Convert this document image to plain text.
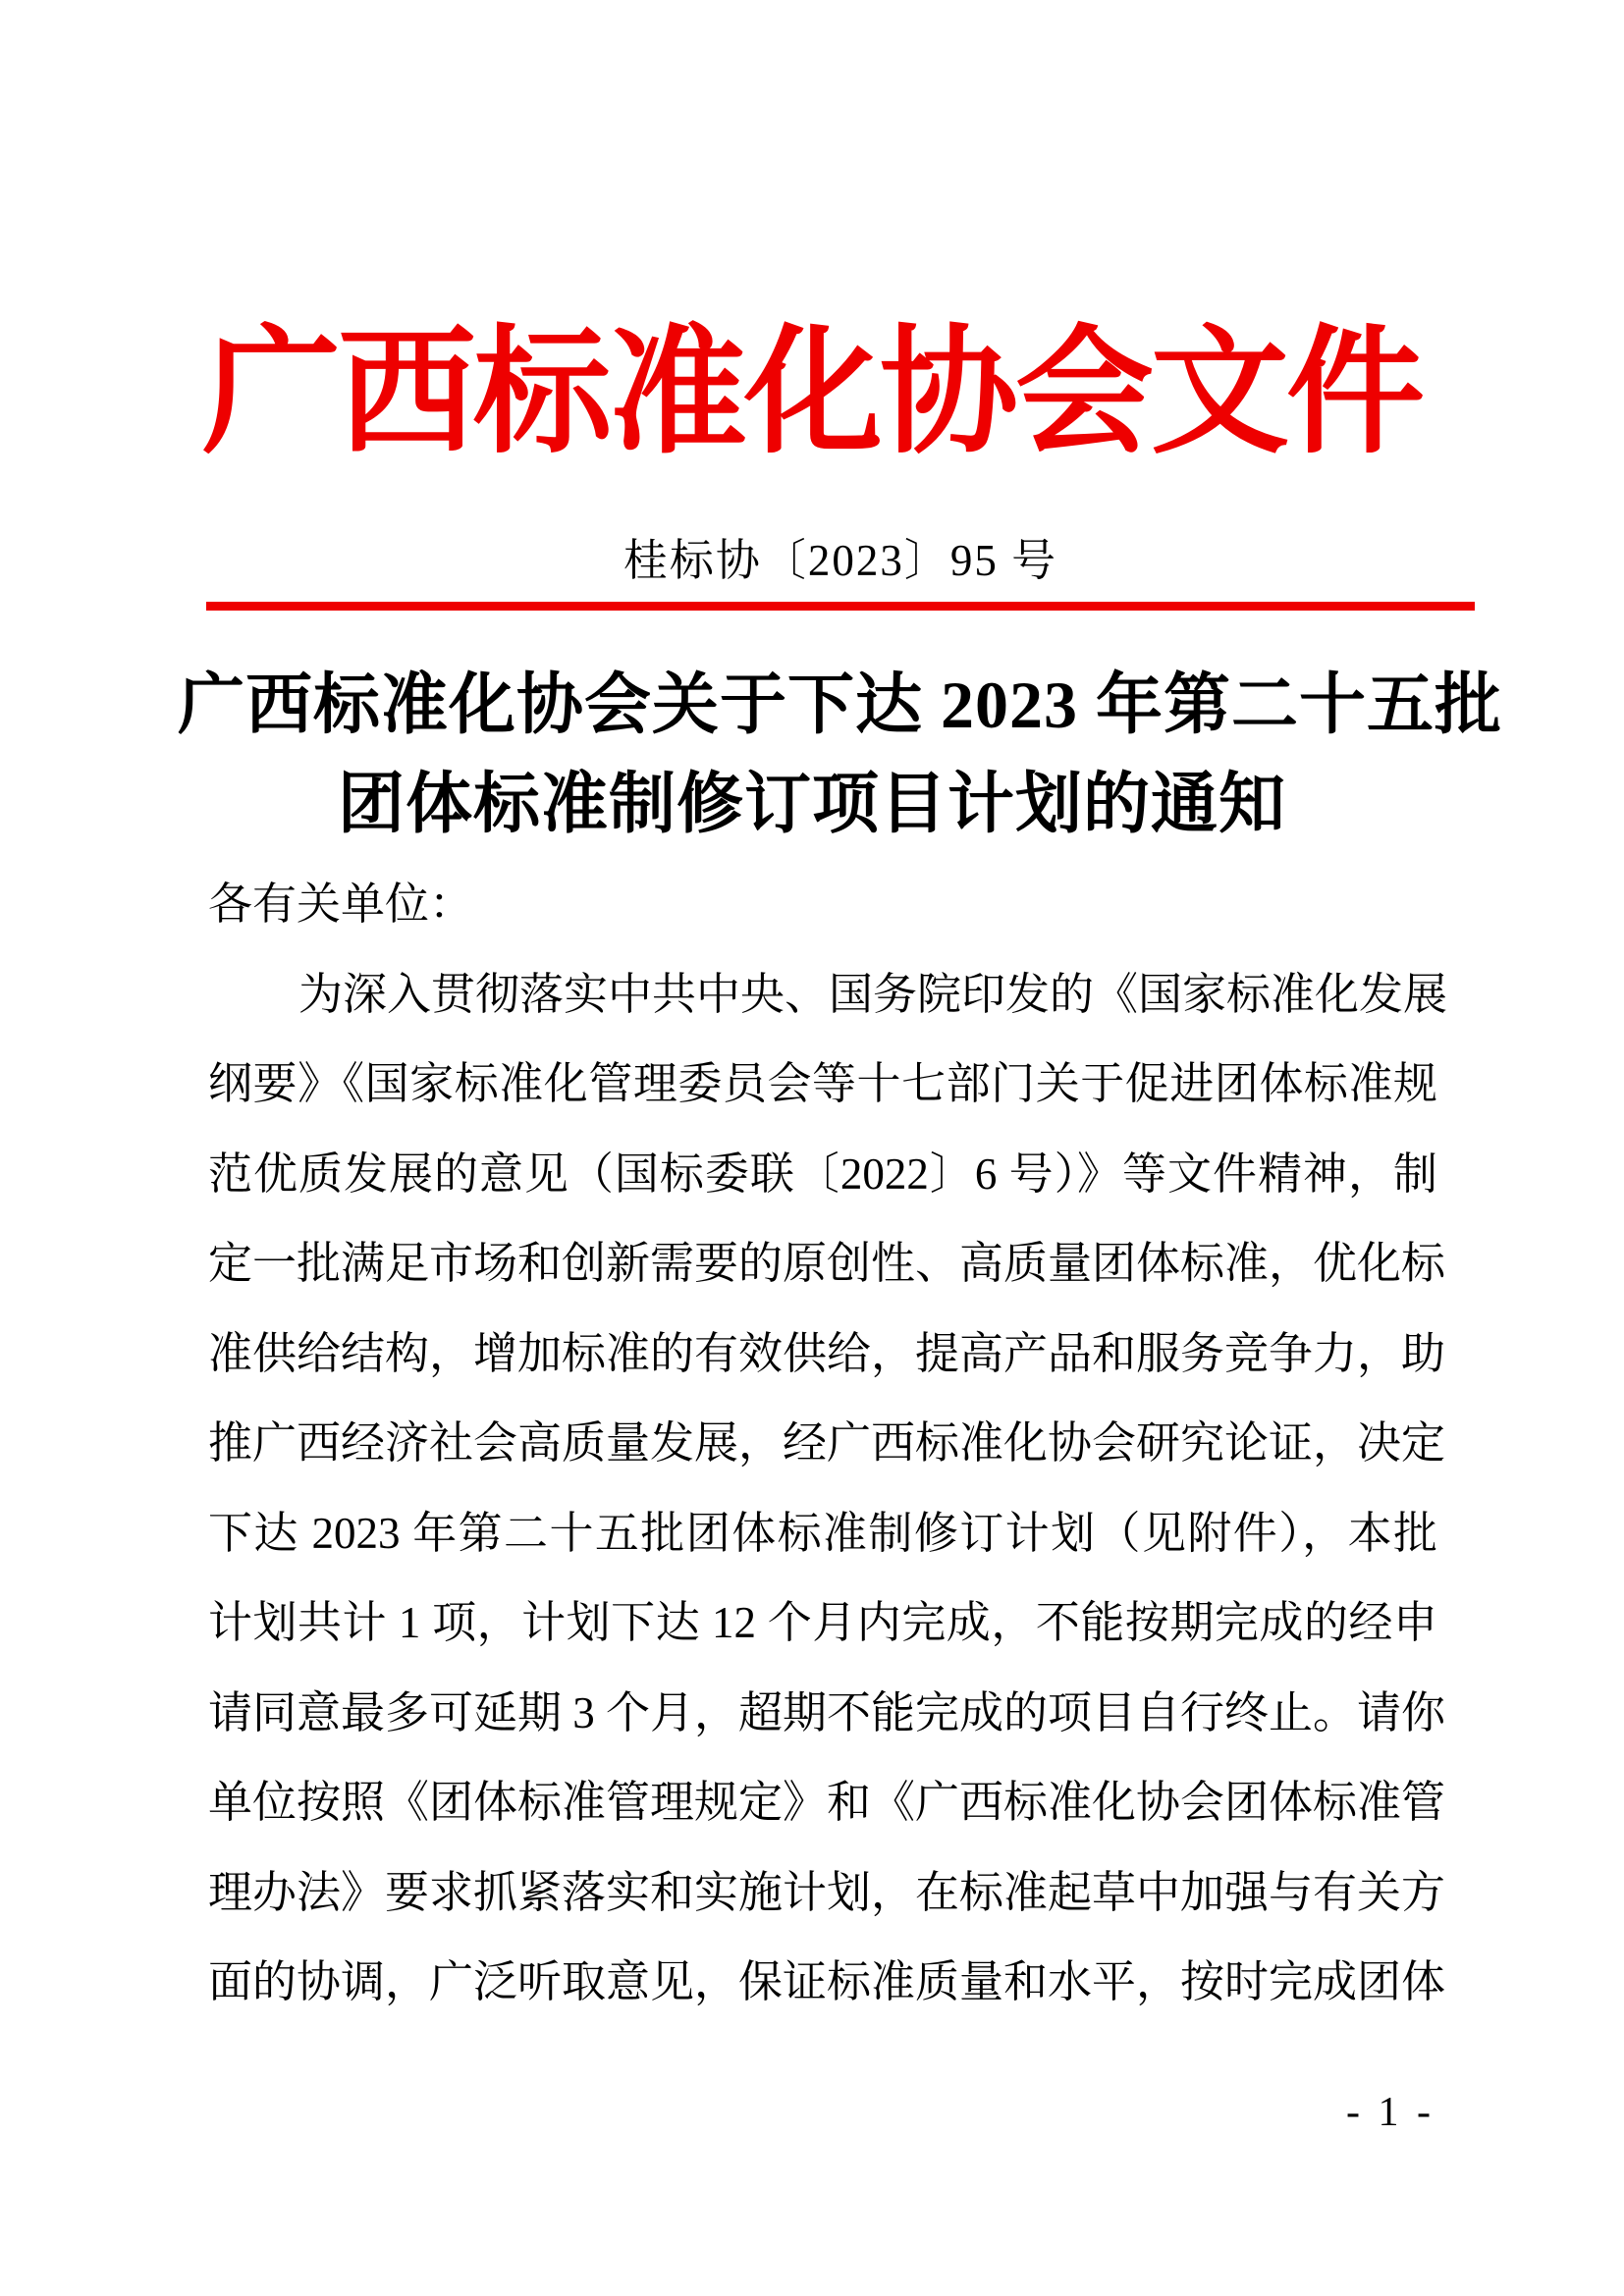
广西标准化协会文件
桂标协〔2023〕95 号
广西标准化协会关于下达 2023 年第二十五批
团体标准制修订项目计划的通知
各有关单位：
为深入贯彻落实中共中央、国务院印发的《国家标准化发展
纲要》《国家标准化管理委员会等十七部门关于促进团体标准规
范优质发展的意见（国标委联〔2022〕6 号）》等文件精神，制
定一批满足市场和创新需要的原创性、高质量团体标准，优化标
准供给结构，增加标准的有效供给，提高产品和服务竞争力，助
推广西经济社会高质量发展，经广西标准化协会研究论证，决定
下达 2023 年第二十五批团体标准制修订计划（见附件），本批
计划共计 1 项，计划下达 12 个月内完成，不能按期完成的经申
请同意最多可延期 3 个月，超期不能完成的项目自行终止。请你
单位按照《团体标准管理规定》和《广西标准化协会团体标准管
理办法》要求抓紧落实和实施计划，在标准起草中加强与有关方
面的协调，广泛听取意见，保证标准质量和水平，按时完成团体
- 1 -
